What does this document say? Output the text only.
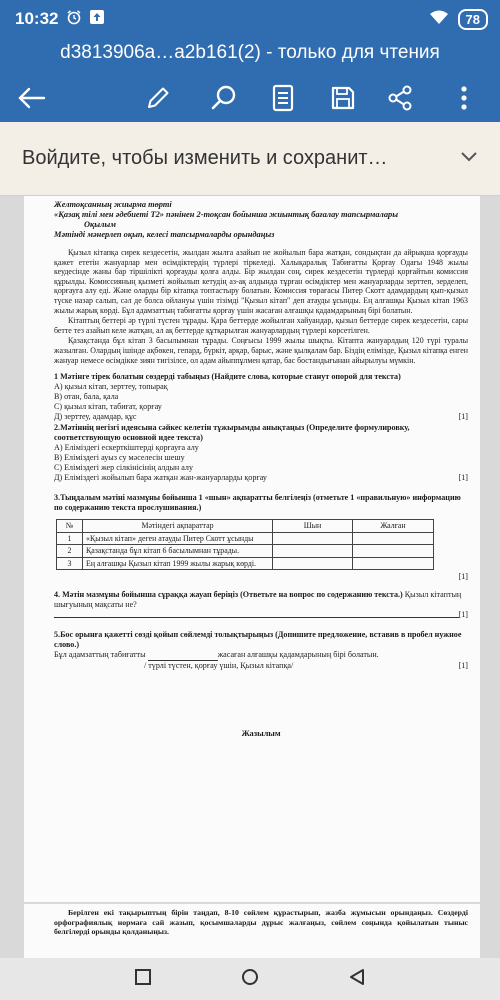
10:32	78
d3813906a…a2b161(2) - только для чтения
Войдите, чтобы изменить и сохранит…
Желтоқсанның жиырма төрті
«Қазақ тілі мен әдебиеті Т2» пәнінен 2-тоқсан бойынша жиынтық бағалау тапсырмалары
Оқылым
Мәтінді мәнерлеп оқып, келесі тапсырмаларды орындаңыз
Қызыл кітапқа сирек кездесетін, жылдан жылға азайып не жойылып бара жатқан, сондықтан да айрықша қорғауды қажет ететін жануарлар мен өсімдіктердің түрлері тіркеледі. Халықаралық Табиғатты Қорғау Одағы 1948 жылы кеудесінде жаны бар тіршілікті қорғауды қолға алды. Бір жылдан соң, сирек кездесетін түрлерді қорғайтын комиссия құрылды. Комиссияның қызметі жойылып кетудің аз-ақ алдында тұрған өсімдіктер мен жануарларды зерттеп, зерделеп, қорғауға алу еді. Және оларды бір кітапқа топтастыру болатын. Комиссия төрағасы Питер Скотт адамдардың қып-қызыл түске назар салып, сәл де болса ойлануы үшін тізімді "Қызыл кітап" деп атауды ұсынды. Ең алғашқы Қызыл кітап 1963 жылы жарық көрді. Бұл адамзаттың табиғатты қорғау үшін жасаған алғашқы қадамдарының бірі болатын.
Кітаптың беттері әр түрлі түстен тұрады. Қара беттерде жойылған хайуандар, қызыл беттерде сирек кездесетін, сары бетте тез азайып келе жатқан, ал ақ беттерде құтқарылған жануарлардың түрлері көрсетілген.
Қазақстанда бұл кітап 3 басылымнан тұрады. Соңғысы 1999 жылы шықты. Кітапта жануарлдың 120 түрі туралы жазылған. Олардың ішінде ақбөкен, гепард, бүркіт, арқар, барыс, және қылқалам бар. Біздің елімізде, Қызыл кітапқа енген жануар немесе өсімдікке зиян тигізілсе, ол адам айыппұлмен қатар, бас бостандығынан айырылуы мүмкін.
1 Мәтінге тірек болатын сөздерді табыңыз (Найдите слова, которые станут опорой для текста)
А) қызыл кітап, зерттеу, топырақ
В) отан, бала, қала
С) қызыл кітап, табиғат, қорғау
Д) зерттеу, адамдар, құс	[1]
2.Мәтіннің негізгі идеясына сәйкес келетін тұжырымды анықтаңыз (Определите формулировку, соответствующую основной идее текста)
А) Еліміздегі ескерткіштерді қорғауға алу
В) Еліміздегі ауыз су мәселесін шешу
С) Еліміздегі жер сілкінісінің алдын алу
Д) Еліміздегі жойылып бара жатқан жан-жануарларды қорғау	[1]
3.Тыңдалым мәтіні мазмұны бойынша 1 «шын» ақпаратты белгілеңіз (отметьте 1 «правильную» информацию по содержанию текста прослушивания.)
№	Мәтіндегі ақпараттар	Шын	Жалған
1	«Қызыл кітап» деген атауды Питер Скотт ұсынды		
2	Қазақстанда бұл кітап 6 басылымнан тұрады.		
3	Ең алғашқы Қызыл кітап 1999 жылы жарық көрді.		
[1]
4. Мәтін мазмұны бойынша сұраққа жауап беріңіз (Ответьте на вопрос по содержанию текста.) Қызыл кітаптың шығуының мақсаты не?
[1]
5.Бос орынға қажетті сөзді қойып сөйлемді толықтырыңыз (Допишите предложение, вставив в пробел нужное слово.)
Бұл адамзаттың табиғатты	жасаған алғашқы қадамдарының бірі болатын.
/ түрлі түстен, қорғау үшін, Қызыл кітапқа/	[1]
Жазылым
Берілген екі тақырыптың бірін таңдап, 8-10 сөйлем құрастырып, жазба жұмысын орындаңыз. Сөздерді орфографиялық нормаға сай жазып, қосымшаларды дұрыс жалғаңыз, сөйлем соңында қойылатын тыныс белгілерді орынды қолданыңыз.
